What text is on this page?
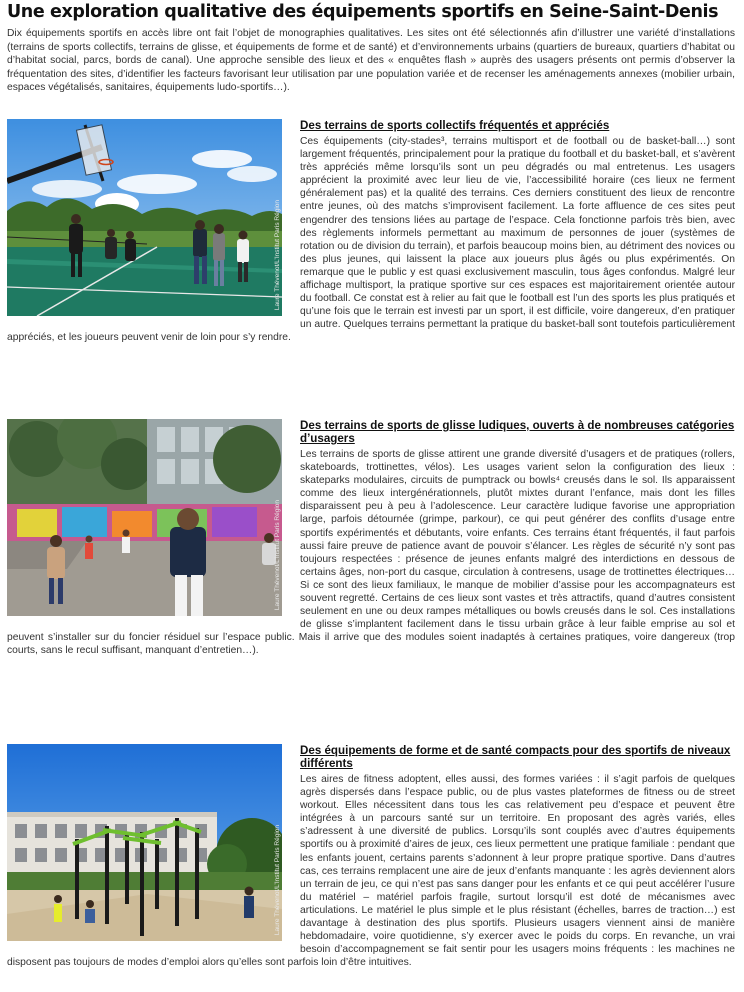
Une exploration qualitative des équipements sportifs en Seine-Saint-Denis

Dix équipements sportifs en accès libre ont fait l’objet de monographies qualitatives. Les sites ont été sélectionnés afin d’illustrer une variété d’installations (terrains de sports collectifs, terrains de glisse, et équipements de forme et de santé) et d’environnements urbains (quartiers de bureaux, quartiers d’habitat ou d’habitat social, parcs, bords de canal). Une approche sensible des lieux et des « enquêtes flash » auprès des usagers présents ont permis d’observer la fréquentation des sites, d’identifier les facteurs favorisant leur utilisation par une population variée et de recenser les aménagements annexes (mobilier urbain, espaces végétalisés, sanitaires, équipements ludo-sportifs…).

Laure Thévenot/L’Institut Paris Région
Des terrains de sports collectifs fréquentés et appréciés

Ces équipements (city-stades³, terrains multisport et de football ou de basket-ball…) sont largement fréquentés, principalement pour la pratique du football et du basket-ball, et s’avèrent très appréciés même lorsqu’ils sont un peu dégradés ou mal entretenus. Les usagers apprécient la proximité avec leur lieu de vie, l’accessibilité horaire (ces lieux ne ferment généralement pas) et la qualité des terrains. Ces derniers constituent des lieux de rencontre entre jeunes, où des matchs s’improvisent facilement. La forte affluence de ces sites peut engendrer des tensions liées au partage de l’espace. Cela fonctionne parfois très bien, avec des règlements informels permettant au maximum de personnes de jouer (systèmes de rotation ou de division du terrain), et parfois beaucoup moins bien, au détriment des novices ou des plus jeunes, qui laissent la place aux joueurs plus âgés ou plus expérimentés. On remarque que le public y est quasi exclusivement masculin, tous âges confondus. Malgré leur affichage multisport, la pratique sportive sur ces espaces est majoritairement orientée autour du football. Ce constat est à relier au fait que le football est l’un des sports les plus pratiqués et qu’une fois que le terrain est investi par un sport, il est difficile, voire dangereux, d’en pratiquer un autre. Quelques terrains permettant la pratique du basket-ball sont toutefois particulièrement appréciés, et les joueurs peuvent venir de loin pour s’y rendre.

Laure Thévenot/L’Institut Paris Région
Des terrains de sports de glisse ludiques, ouverts à de nombreuses catégories d’usagers

Les terrains de sports de glisse attirent une grande diversité d’usagers et de pratiques (rollers, skateboards, trottinettes, vélos). Les usages varient selon la configuration des lieux : skateparks modulaires, circuits de pumptrack ou bowls⁴ creusés dans le sol. Ils apparaissent comme des lieux intergénérationnels, plutôt mixtes durant l’enfance, mais dont les filles disparaissent peu à peu à l’adolescence. Leur caractère ludique favorise une appropriation large, parfois détournée (grimpe, parkour), ce qui peut générer des conflits d’usage entre sportifs expérimentés et débutants, voire enfants. Ces terrains étant fréquentés, il faut parfois aussi faire preuve de patience avant de pouvoir s’élancer. Les règles de sécurité n’y sont pas toujours respectées : présence de jeunes enfants malgré des interdictions en dessous de certains âges, non-port du casque, circulation à contresens, usage de trottinettes électriques… Si ce sont des lieux familiaux, le manque de mobilier d’assise pour les accompagnateurs est souvent regretté. Certains de ces lieux sont vastes et très attractifs, quand d’autres consistent seulement en une ou deux rampes métalliques ou bowls creusés dans le sol. Ces installations de glisse s’implantent facilement dans le tissu urbain grâce à leur faible emprise au sol et peuvent s’installer sur du foncier résiduel sur l’espace public. Mais il arrive que des modules soient inadaptés à certaines pratiques, voire dangereux (trop courts, sans le recul suffisant, manquant d’entretien…).

Laure Thévenot/L’Institut Paris Région
Des équipements de forme et de santé compacts pour des sportifs de niveaux différents

Les aires de fitness adoptent, elles aussi, des formes variées : il s’agit parfois de quelques agrès dispersés dans l’espace public, ou de plus vastes plateformes de fitness ou de street workout. Elles nécessitent dans tous les cas relativement peu d’espace et peuvent être intégrées à un parcours santé sur un territoire. En proposant des agrès variés, elles s’adressent à une diversité de publics. Lorsqu’ils sont couplés avec d’autres équipements sportifs ou à proximité d’aires de jeux, ces lieux permettent une pratique familiale : pendant que les enfants jouent, certains parents s’adonnent à leur propre pratique sportive. Dans d’autres cas, ces terrains remplacent une aire de jeux d’enfants manquante : les agrès deviennent alors un terrain de jeu, ce qui n’est pas sans danger pour les enfants et ce qui peut accélérer l’usure du matériel – matériel parfois fragile, surtout lorsqu’il est doté de mécanismes avec articulations. Le matériel le plus simple et le plus résistant (échelles, barres de traction…) est davantage à destination des plus sportifs. Plusieurs usagers viennent ainsi de manière hebdomadaire, voire quotidienne, s’y exercer avec le poids du corps. En revanche, un vrai besoin d’accompagnement se fait sentir pour les usagers moins fréquents : les machines ne disposent pas toujours de modes d’emploi alors qu’elles sont parfois loin d’être intuitives.
